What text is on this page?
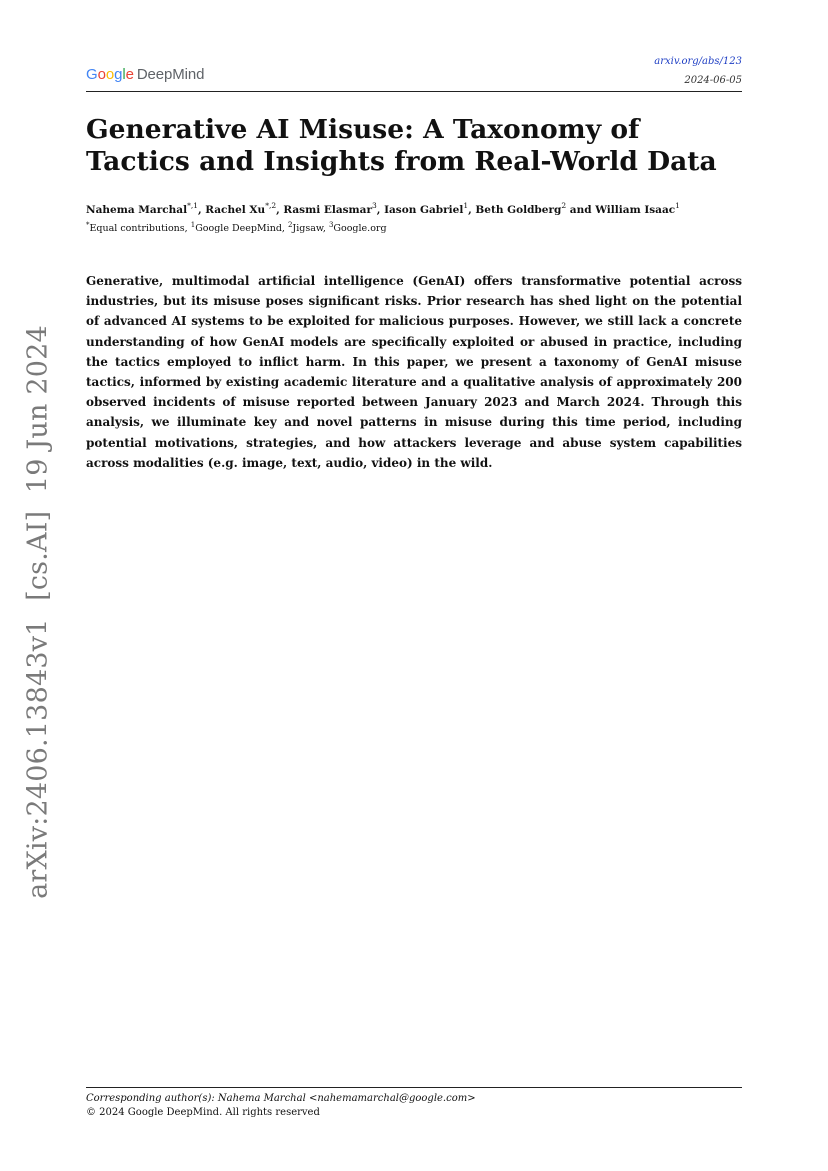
Google DeepMind
arxiv.org/abs/123
2024-06-05
Generative AI Misuse: A Taxonomy of Tactics and Insights from Real-World Data
Nahema Marchal$^{*,1}$, Rachel $Xu^{*,2}$, Rasmi Elasmar$^3$, Iason Gabriel$^1$, Beth Goldberg$^2$ and William Isaac$^1$
*Equal contributions, $^1$Google DeepMind, $^2$Jigsaw, $^3$Google.org

Generative, multimodal artificial intelligence (GenAI) offers transformative potential across industries, but its misuse poses significant risks. Prior research has shed light on the potential of advanced AI systems to be exploited for malicious purposes. However, we still lack a concrete understanding of how GenAI models are specifically exploited or abused in practice, including the tactics employed to inflict harm. In this paper, we present a taxonomy of GenAI misuse tactics, informed by existing academic literature and a qualitative analysis of approximately 200 observed incidents of misuse reported between January 2023 and March 2024. Through this analysis, we illuminate key and novel patterns in misuse during this time period, including potential motivations, strategies, and how attackers leverage and abuse system capabilities across modalities (e.g. image, text, audio, video) in the wild.

arXiv:2406.13843v1  [cs.AI]  19 Jun 2024
Corresponding author(s): Nahema Marchal <nahemamarchal@google.com>
© 2024 Google DeepMind. All rights reserved
